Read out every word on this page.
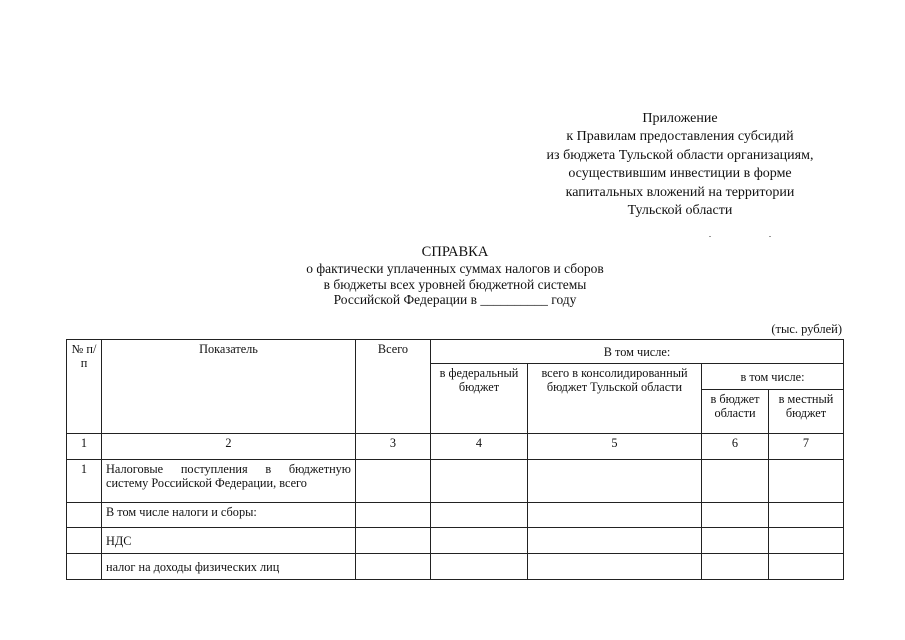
Приложение
к Правилам предоставления субсидий
из бюджета Тульской области организациям,
осуществившим инвестиции в форме
капитальных вложений на территории
Тульской области
СПРАВКА
о фактически уплаченных суммах налогов и сборов
в бюджеты всех уровней бюджетной системы
Российской Федерации в __________ году
(тыс. рублей)
№ п/п	Показатель	Всего	В том числе:			
			в федеральный бюджет	всего в консолидированный бюджет Тульской области	в том числе:	
					в бюджет области	в местный бюджет
1	2	3	4	5	6	7
1	Налоговые поступления в бюджетную систему Российской Федерации, всего					
	В том числе налоги и сборы:					
	НДС					
	налог на доходы физических лиц					
